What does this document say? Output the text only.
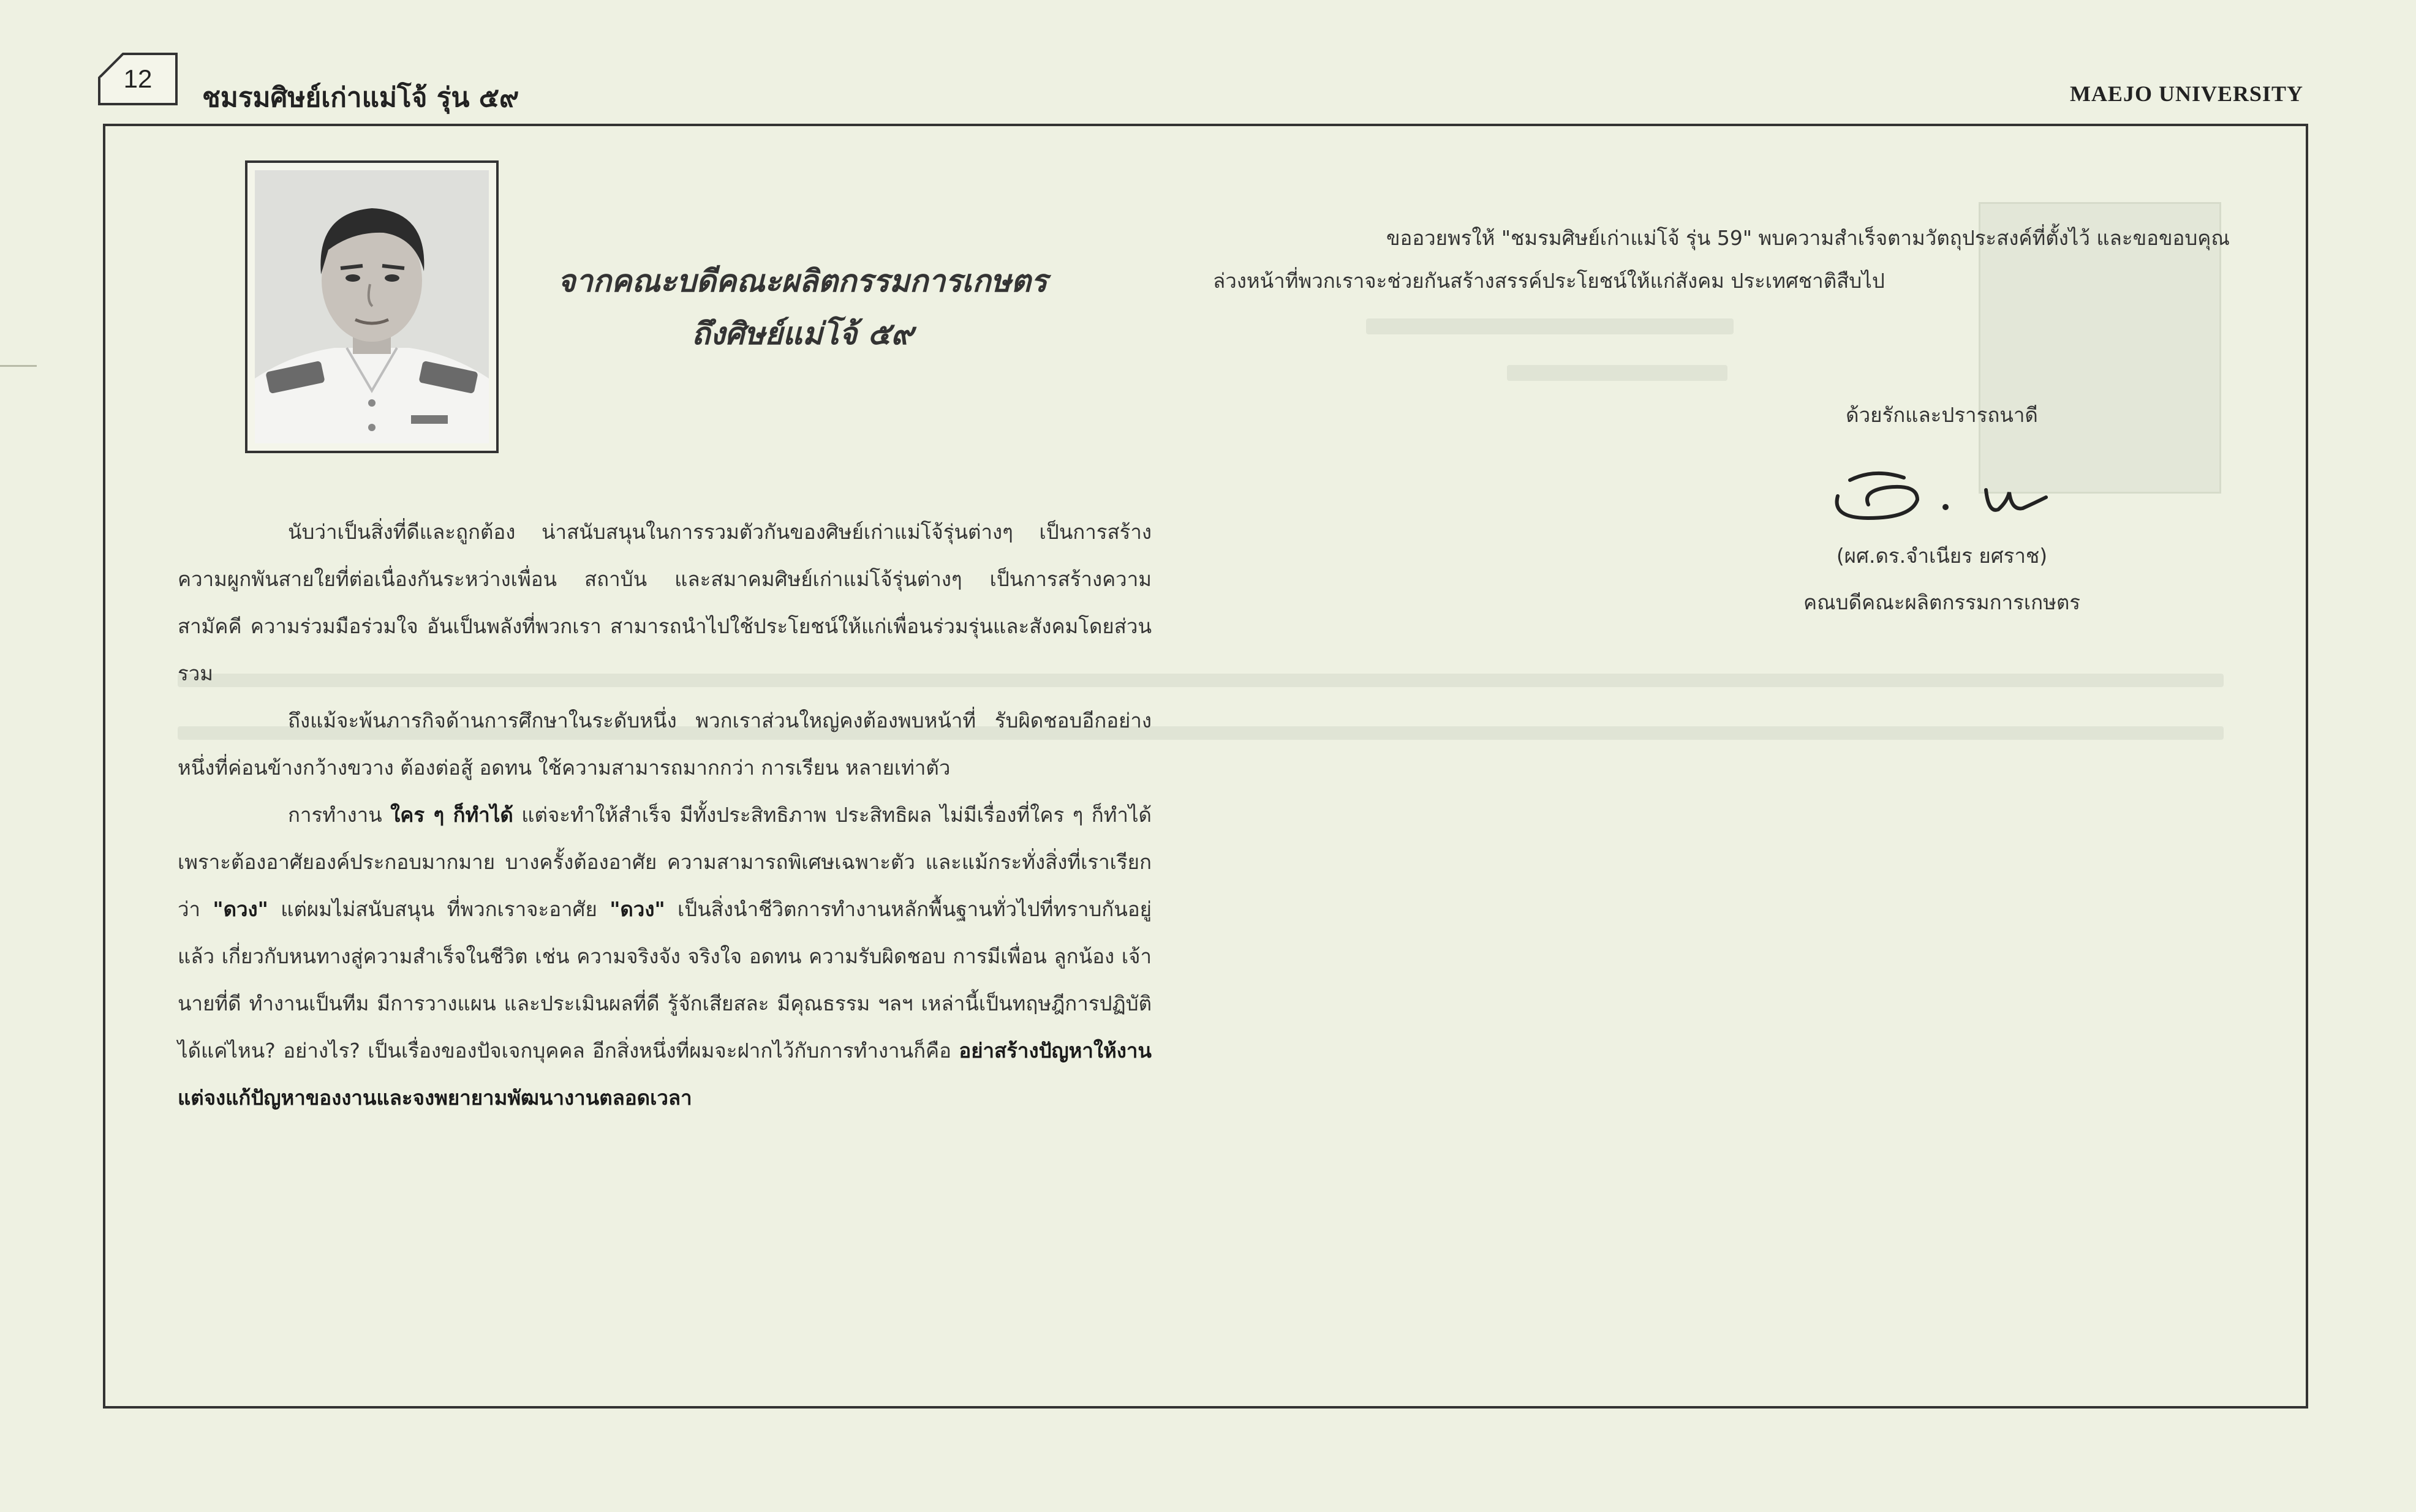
12
ชมรมศิษย์เก่าแม่โจ้ รุ่น ๕๙	MAEJO UNIVERSITY
จากคณะบดีคณะผลิตกรรมการเกษตร
ถึงศิษย์แม่โจ้ ๕๙

นับว่าเป็นสิ่งที่ดีและถูกต้อง น่าสนับสนุนในการรวมตัวกันของศิษย์เก่าแม่โจ้รุ่นต่างๆ เป็นการสร้างความผูกพันสายใยที่ต่อเนื่องกันระหว่างเพื่อน สถาบัน และสมาคมศิษย์เก่าแม่โจ้รุ่นต่างๆ เป็นการสร้างความสามัคคี ความร่วมมือร่วมใจ อันเป็นพลังที่พวกเรา สามารถนำไปใช้ประโยชน์ให้แก่เพื่อนร่วมรุ่นและสังคมโดยส่วนรวม

ถึงแม้จะพ้นภารกิจด้านการศึกษาในระดับหนึ่ง พวกเราส่วนใหญ่คงต้องพบหน้าที่ รับผิดชอบอีกอย่างหนึ่งที่ค่อนข้างกว้างขวาง ต้องต่อสู้ อดทน ใช้ความสามารถมากกว่า การเรียน หลายเท่าตัว

การทำงาน ใคร ๆ ก็ทำได้ แต่จะทำให้สำเร็จ มีทั้งประสิทธิภาพ ประสิทธิผล ไม่มีเรื่องที่ใคร ๆ ก็ทำได้เพราะต้องอาศัยองค์ประกอบมากมาย บางครั้งต้องอาศัย ความสามารถพิเศษเฉพาะตัว และแม้กระทั่งสิ่งที่เราเรียกว่า "ดวง" แต่ผมไม่สนับสนุน ที่พวกเราจะอาศัย "ดวง" เป็นสิ่งนำชีวิตการทำงานหลักพื้นฐานทั่วไปที่ทราบกันอยู่แล้ว เกี่ยวกับหนทางสู่ความสำเร็จในชีวิต เช่น ความจริงจัง จริงใจ อดทน ความรับผิดชอบ การมีเพื่อน ลูกน้อง เจ้านายที่ดี ทำงานเป็นทีม มีการวางแผน และประเมินผลที่ดี รู้จักเสียสละ มีคุณธรรม ฯลฯ เหล่านี้เป็นทฤษฎีการปฏิบัติ ได้แค่ไหน? อย่างไร? เป็นเรื่องของปัจเจกบุคคล อีกสิ่งหนึ่งที่ผมจะฝากไว้กับการทำงานก็คือ อย่าสร้างปัญหาให้งาน แต่จงแก้ปัญหาของงานและจงพยายามพัฒนางานตลอดเวลา

ขออวยพรให้ "ชมรมศิษย์เก่าแม่โจ้ รุ่น 59" พบความสำเร็จตามวัตถุประสงค์ที่ตั้งไว้ และขอขอบคุณ
ล่วงหน้าที่พวกเราจะช่วยกันสร้างสรรค์ประโยชน์ให้แก่สังคม ประเทศชาติสืบไป
ด้วยรักและปรารถนาดี
(ผศ.ดร.จำเนียร ยศราช)
คณบดีคณะผลิตกรรมการเกษตร
